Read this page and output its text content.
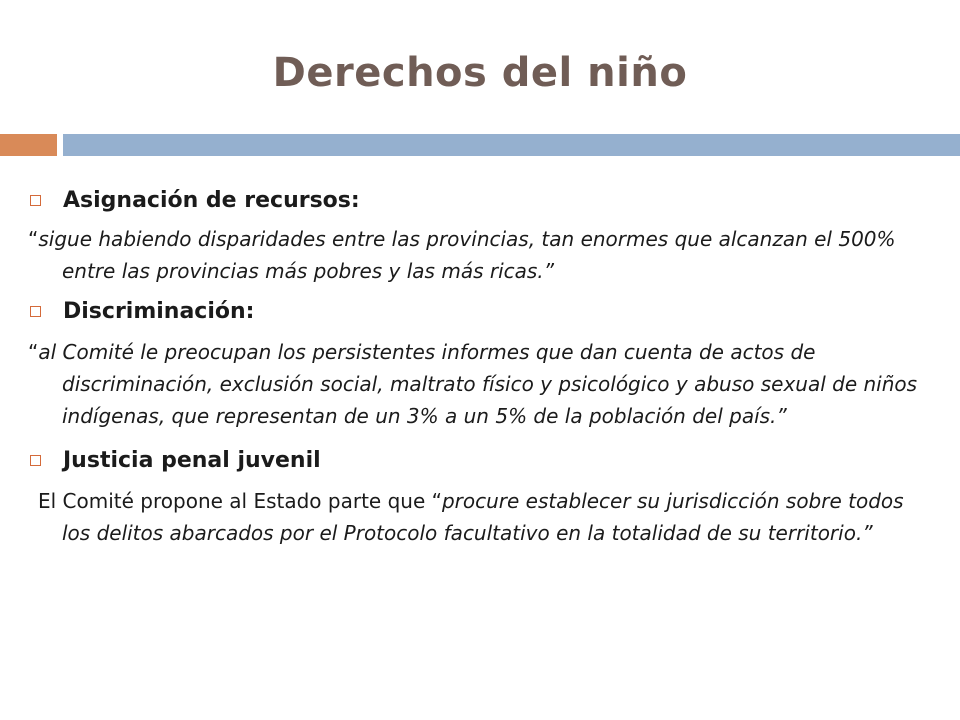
Derechos del niño
Asignación de recursos:
“sigue habiendo disparidades entre las provincias, tan enormes que alcanzan el 500% entre las provincias más pobres y las más ricas.”
Discriminación:
“al Comité le preocupan los persistentes informes que dan cuenta de actos de discriminación, exclusión social, maltrato físico y psicológico y abuso sexual de niños indígenas, que representan de un 3% a un 5% de la población del país.”
Justicia penal juvenil
El Comité propone al Estado parte que “procure establecer su jurisdicción sobre todos los delitos abarcados por el Protocolo facultativo en la totalidad de su territorio.”
